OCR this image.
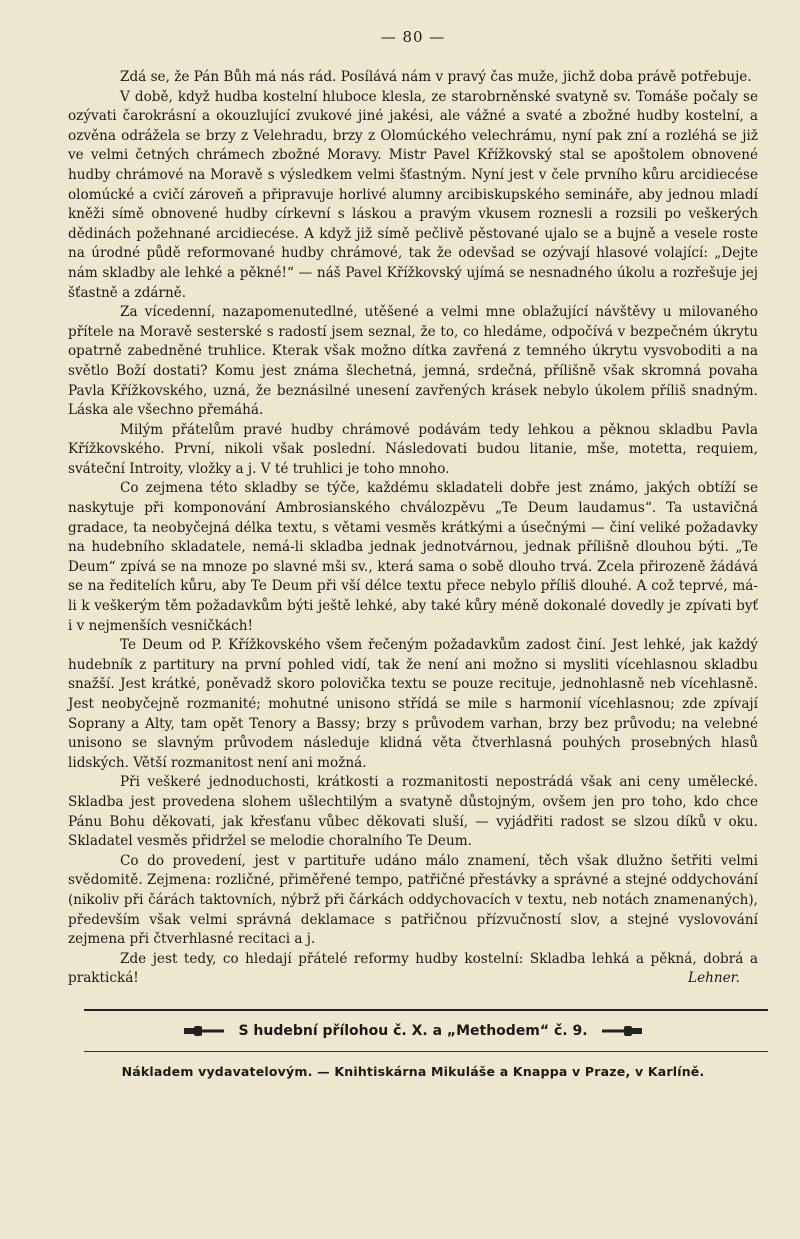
— 80 —

Zdá se, že Pán Bůh má nás rád. Posílává nám v pravý čas muže, jichž doba právě potřebuje.

V době, když hudba kostelní hluboce klesla, ze starobrněnské svatyně sv. Tomáše počaly se ozývati čarokrásní a okouzlující zvukové jiné jakési, ale vážné a svaté a zbožné hudby kostelní, a ozvěna odrážela se brzy z Velehradu, brzy z Olomúckého velechrámu, nyní pak zní a rozléhá se již ve velmi četných chrámech zbožné Moravy. Mistr Pavel Křížkovský stal se apoštolem obnovené hudby chrámové na Moravě s výsledkem velmi šťastným. Nyní jest v čele prvního kůru arcidiecése olomúcké a cvičí zároveň a připravuje horlivé alumny arcibiskupského semináře, aby jednou mladí kněži símě obnovené hudby církevní s láskou a pravým vkusem roznesli a rozsili po veškerých dědinách požehnané arcidiecése. A když již símě pečlivě pěstované ujalo se a bujně a vesele roste na úrodné půdě reformované hudby chrámové, tak že odevšad se ozývají hlasové volající: „Dejte nám skladby ale lehké a pěkné!“ — náš Pavel Křížkovský ujímá se nesnadného úkolu a rozřešuje jej šťastně a zdárně.

Za vícedenní, nazapomenutedlné, utěšené a velmi mne oblažující návštěvy u milovaného přítele na Moravě sesterské s radostí jsem seznal, že to, co hledáme, odpočívá v bezpečném úkrytu opatrně zabedněné truhlice. Kterak však možno dítka zavřená z temného úkrytu vysvoboditi a na světlo Boží dostati? Komu jest známa šlechetná, jemná, srdečná, přílišně však skromná povaha Pavla Křížkovského, uzná, že beznásilné unesení zavřených krásek nebylo úkolem příliš snadným. Láska ale všechno přemáhá.

Milým přátelům pravé hudby chrámové podávám tedy lehkou a pěknou skladbu Pavla Křížkovského. První, nikoli však poslední. Následovati budou litanie, mše, motetta, requiem, sváteční Introity, vložky a j. V té truhlici je toho mnoho.

Co zejmena této skladby se týče, každému skladateli dobře jest známo, jakých obtíží se naskytuje při komponování Ambrosianského chválozpěvu „Te Deum laudamus“. Ta ustavičná gradace, ta neobyčejná délka textu, s větami vesměs krátkými a úsečnými — činí veliké požadavky na hudebního skladatele, nemá-li skladba jednak jednotvárnou, jednak přílišně dlouhou býti. „Te Deum“ zpívá se na mnoze po slavné mši sv., která sama o sobě dlouho trvá. Zcela přirozeně žádává se na ředitelích kůru, aby Te Deum při vší délce textu přece nebylo příliš dlouhé. A což teprvé, má-li k veškerým těm požadavkům býti ještě lehké, aby také kůry méně dokonalé dovedly je zpívati byť i v nejmenších vesničkách!

Te Deum od P. Křížkovského všem řečeným požadavkům zadost činí. Jest lehké, jak každý hudebník z partitury na první pohled vidí, tak že není ani možno si mysliti vícehlasnou skladbu snažší. Jest krátké, poněvadž skoro polovička textu se pouze recituje, jednohlasně neb vícehlasně. Jest neobyčejně rozmanité; mohutné unisono střídá se mile s harmonií vícehlasnou; zde zpívají Soprany a Alty, tam opět Tenory a Bassy; brzy s průvodem varhan, brzy bez průvodu; na velebné unisono se slavným průvodem následuje klidná věta čtverhlasná pouhých prosebných hlasů lidských. Větší rozmanitost není ani možná.

Při veškeré jednoduchosti, krátkosti a rozmanitosti nepostrádá však ani ceny umělecké. Skladba jest provedena slohem ušlechtilým a svatyně důstojným, ovšem jen pro toho, kdo chce Pánu Bohu děkovati, jak křesťanu vůbec děkovati sluší, — vyjádřiti radost se slzou díků v oku. Skladatel vesměs přidržel se melodie choralního Te Deum.

Co do provedení, jest v partituře udáno málo znamení, těch však dlužno šetřiti velmi svědomitě. Zejmena: rozličné, přiměřené tempo, patřičné přestávky a správné a stejné oddychování (nikoliv při čárách taktovních, nýbrž při čárkách oddychovacích v textu, neb notách znamenaných), především však velmi správná deklamace s patřičnou přízvučností slov, a stejné vyslovování zejmena při čtverhlasné recitaci a j.

Zde jest tedy, co hledají přátelé reformy hudby kostelní: Skladba lehká a pěkná, dobrá a praktická!	Lehner.

S hudební přílohou č. X. a „Methodem“ č. 9.
Nákladem vydavatelovým. — Knihtiskárna Mikuláše a Knappa v Praze, v Karlíně.
